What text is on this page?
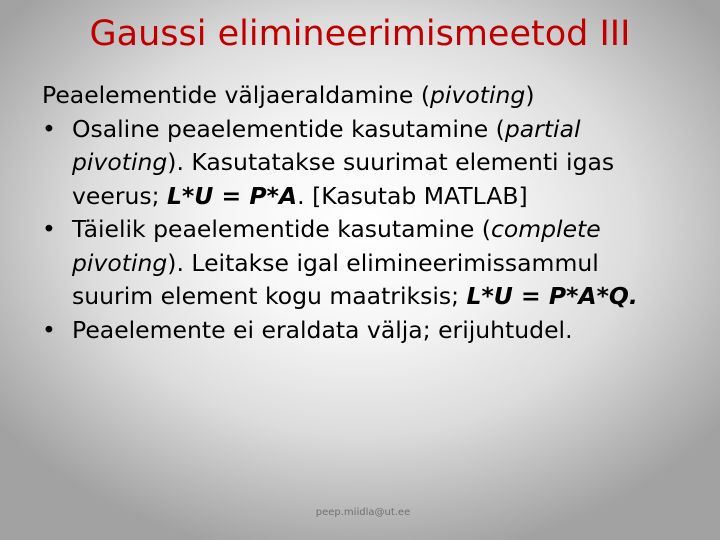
Gaussi elimineerimismeetod III
Peaelementide väljaeraldamine (pivoting)
• Osaline peaelementide kasutamine (partial
pivoting). Kasutatakse suurimat elementi igas
veerus; L*U = P*A. [Kasutab MATLAB]
• Täielik peaelementide kasutamine (complete
pivoting). Leitakse igal elimineerimissammul
suurim element kogu maatriksis; L*U = P*A*Q.
• Peaelemente ei eraldata välja; erijuhtudel.
peep.miidla@ut.ee
